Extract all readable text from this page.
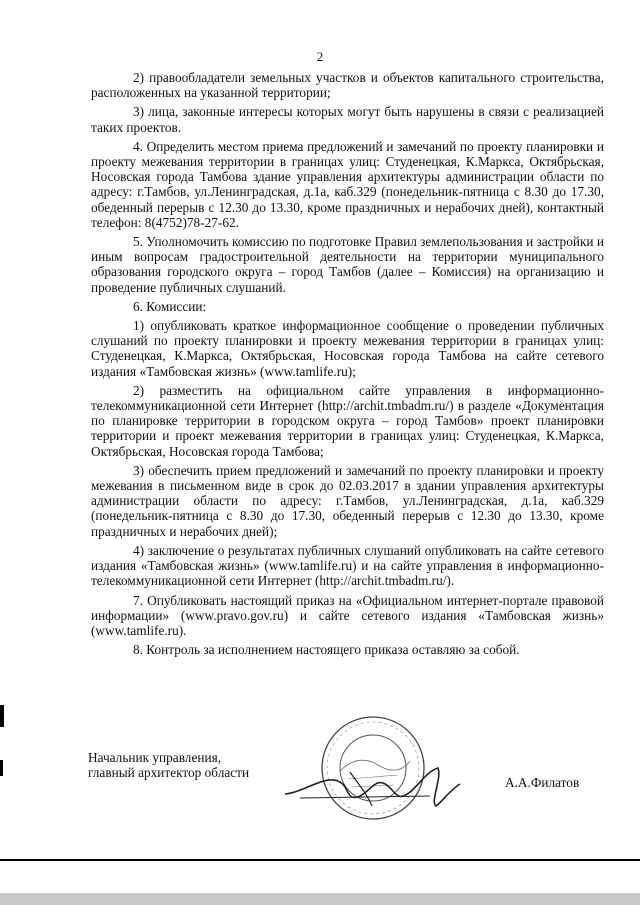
2

2) правообладатели земельных участков и объектов капитального строительства, расположенных на указанной территории;

3) лица, законные интересы которых могут быть нарушены в связи с реализацией таких проектов.

4. Определить местом приема предложений и замечаний по проекту планировки и проекту межевания территории в границах улиц: Студенецкая, К.Маркса, Октябрьская, Носовская города Тамбова здание управления архитектуры администрации области по адресу: г.Тамбов, ул.Ленинградская, д.1а, каб.329 (понедельник-пятница с 8.30 до 17.30, обеденный перерыв с 12.30 до 13.30, кроме праздничных и нерабочих дней), контактный телефон: 8(4752)78-27-62.

5. Уполномочить комиссию по подготовке Правил землепользования и застройки и иным вопросам градостроительной деятельности на территории муниципального образования городского округа – город Тамбов (далее – Комиссия) на организацию и проведение публичных слушаний.

6. Комиссии:

1) опубликовать краткое информационное сообщение о проведении публичных слушаний по проекту планировки и проекту межевания территории в границах улиц: Студенецкая, К.Маркса, Октябрьская, Носовская города Тамбова на сайте сетевого издания «Тамбовская жизнь» (www.tamlife.ru);

2) разместить на официальном сайте управления в информационно-телекоммуникационной сети Интернет (http://archit.tmbadm.ru/) в разделе «Документация по планировке территории в городском округа – город Тамбов» проект планировки территории и проект межевания территории в границах улиц: Студенецкая, К.Маркса, Октябрьская, Носовская города Тамбова;

3) обеспечить прием предложений и замечаний по проекту планировки и проекту межевания в письменном виде в срок до 02.03.2017 в здании управления архитектуры администрации области по адресу: г.Тамбов, ул.Ленинградская, д.1а, каб.329 (понедельник-пятница с 8.30 до 17.30, обеденный перерыв с 12.30 до 13.30, кроме праздничных и нерабочих дней);

4) заключение о результатах публичных слушаний опубликовать на сайте сетевого издания «Тамбовская жизнь» (www.tamlife.ru) и на сайте управления в информационно-телекоммуникационной сети Интернет (http://archit.tmbadm.ru/).

7. Опубликовать настоящий приказ на «Официальном интернет-портале правовой информации» (www.pravo.gov.ru) и сайте сетевого издания «Тамбовская жизнь» (www.tamlife.ru).

8. Контроль за исполнением настоящего приказа оставляю за собой.

Начальник управления,
главный архитектор области
А.А.Филатов
